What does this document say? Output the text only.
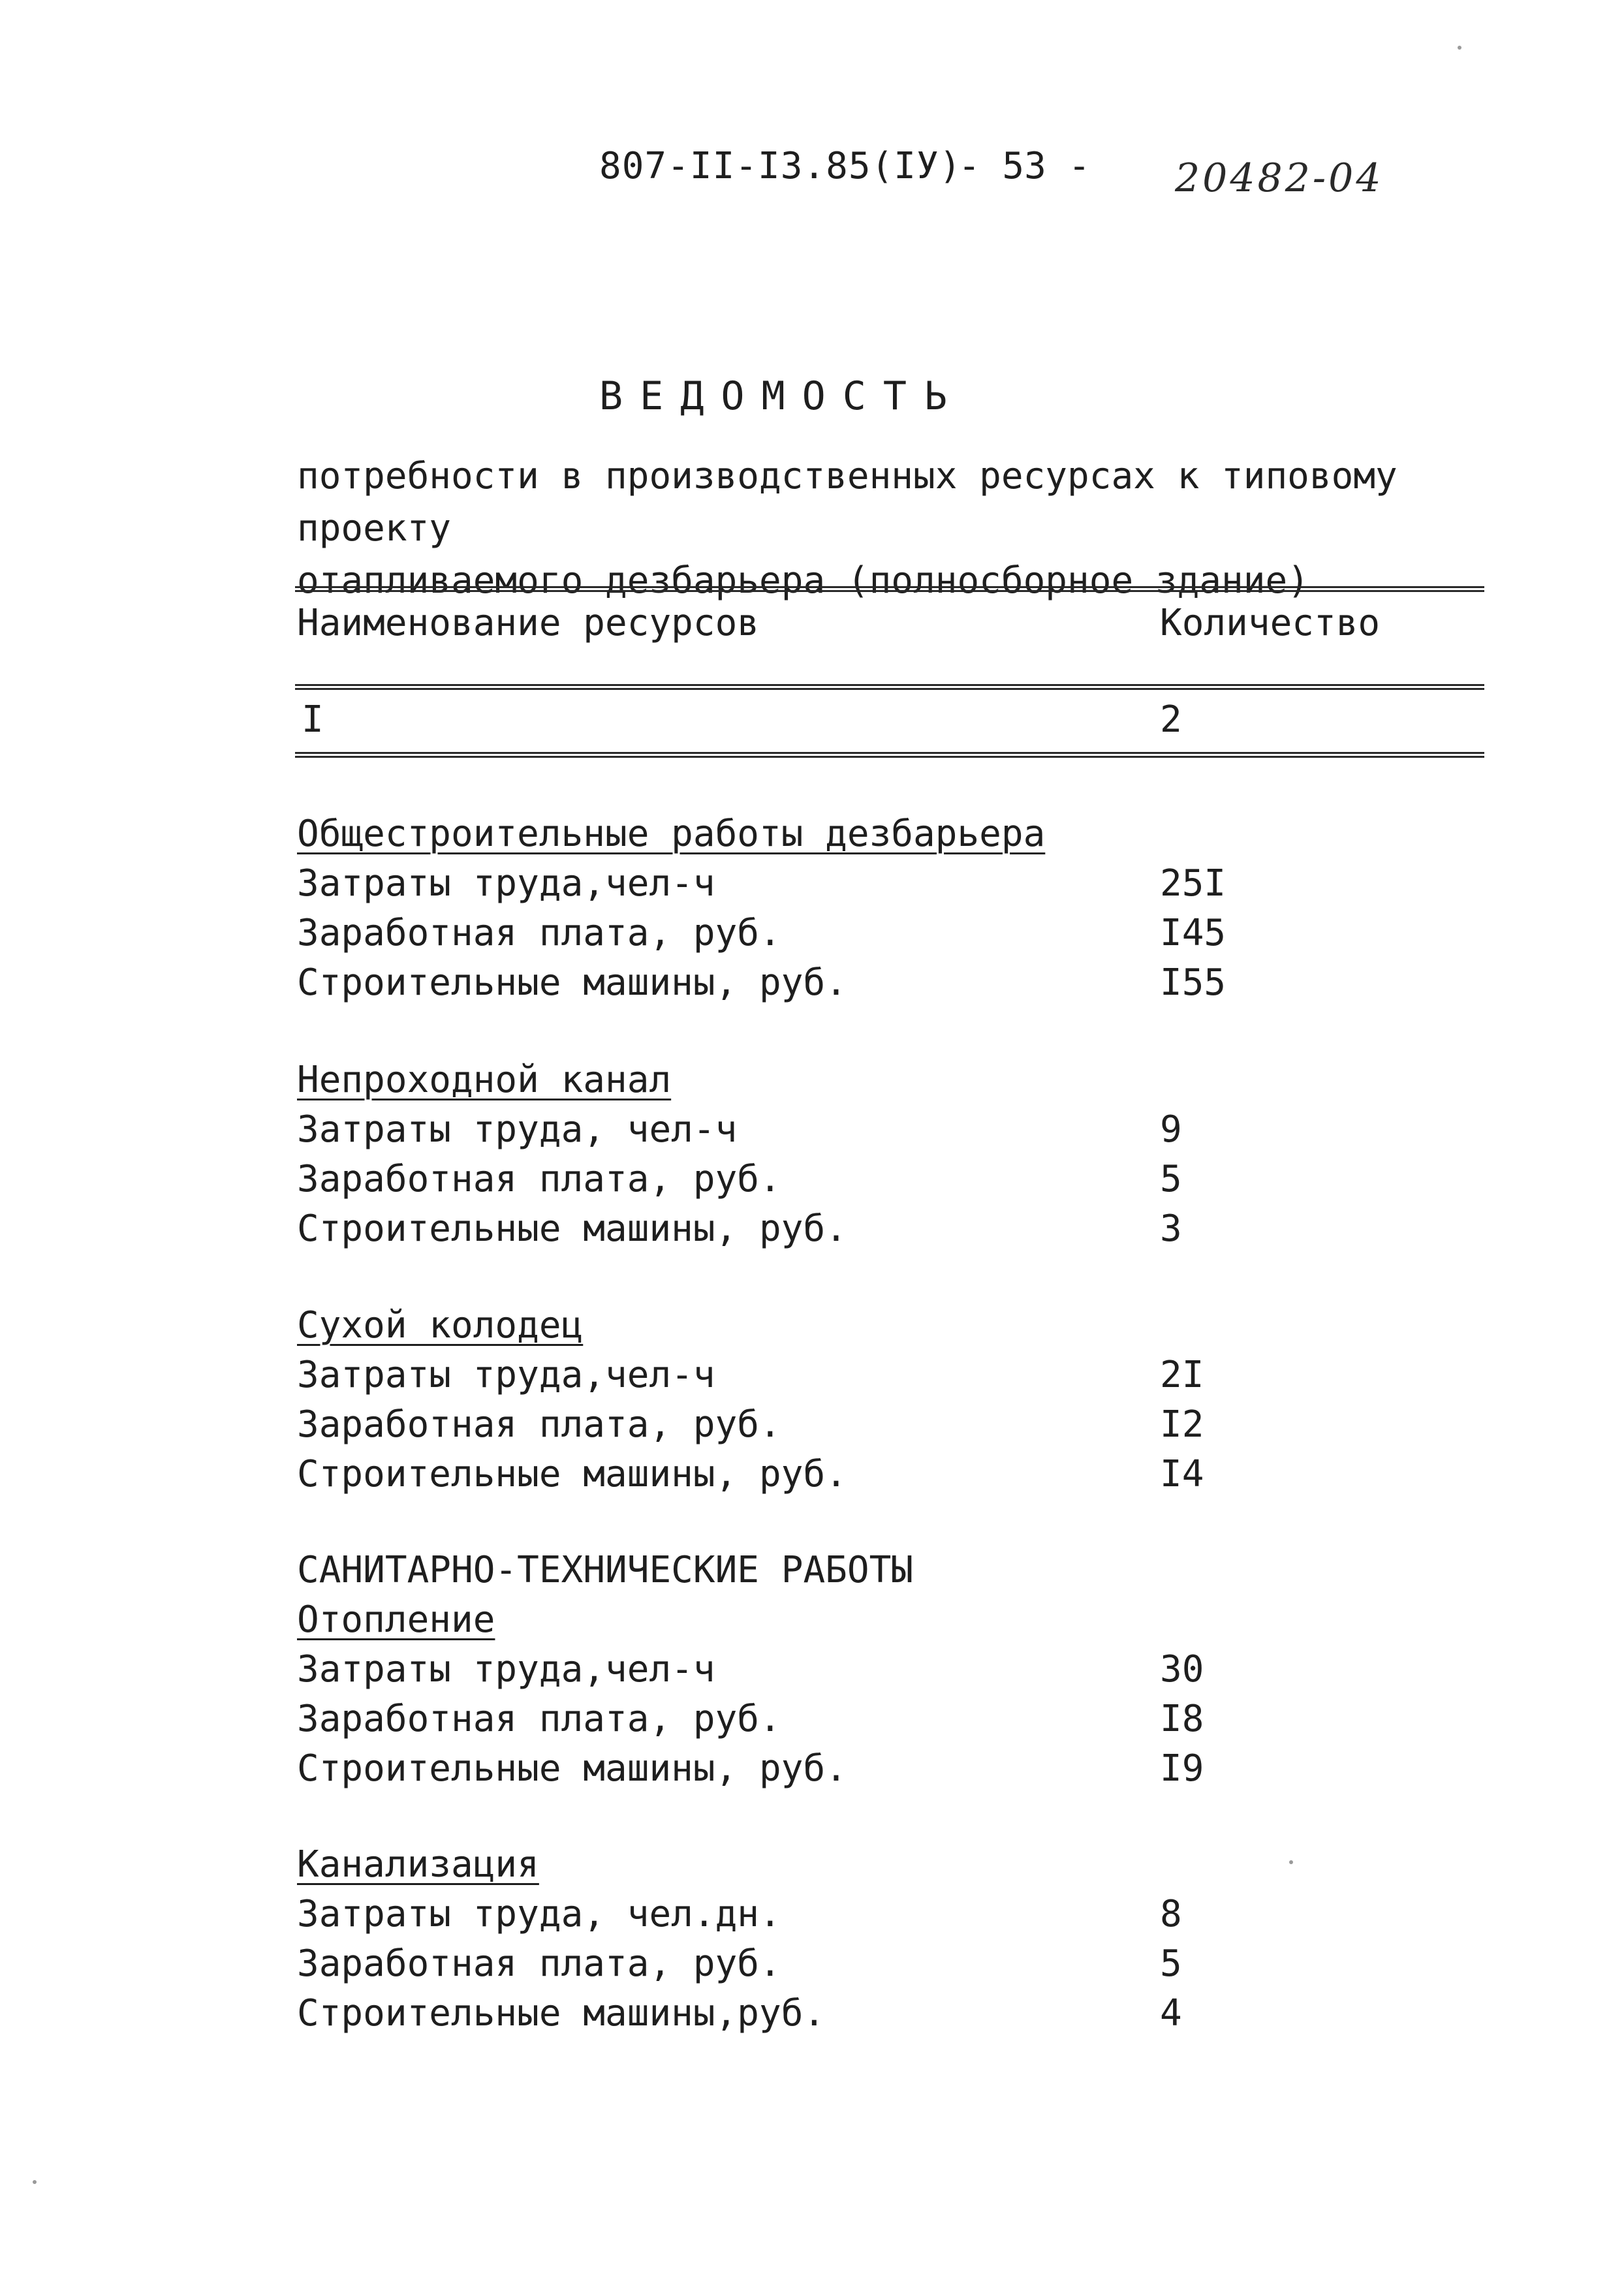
807-II-I3.85(IУ)
- 53 - 20482-04
ВЕДОМОСТЬ
потребности в производственных ресурсах к типовому проекту
отапливаемого дезбарьера (полносборное здание)
Наименование ресурсов	Количество
I	2
Общестроительные работы дезбарьера
Затраты труда,чел-ч	25I
Заработная плата, руб.	I45
Строительные машины, руб.	I55
Непроходной канал
Затраты труда, чел-ч	9
Заработная плата, руб.	5
Строительные машины, руб.	3
Сухой колодец
Затраты труда,чел-ч	2I
Заработная плата, руб.	I2
Строительные машины, руб.	I4
САНИТАРНО-ТЕХНИЧЕСКИЕ РАБОТЫ
Отопление
Затраты труда,чел-ч	30
Заработная плата, руб.	I8
Строительные машины, руб.	I9
Канализация
Затраты труда, чел.дн.	8
Заработная плата, руб.	5
Строительные машины,руб.	4
